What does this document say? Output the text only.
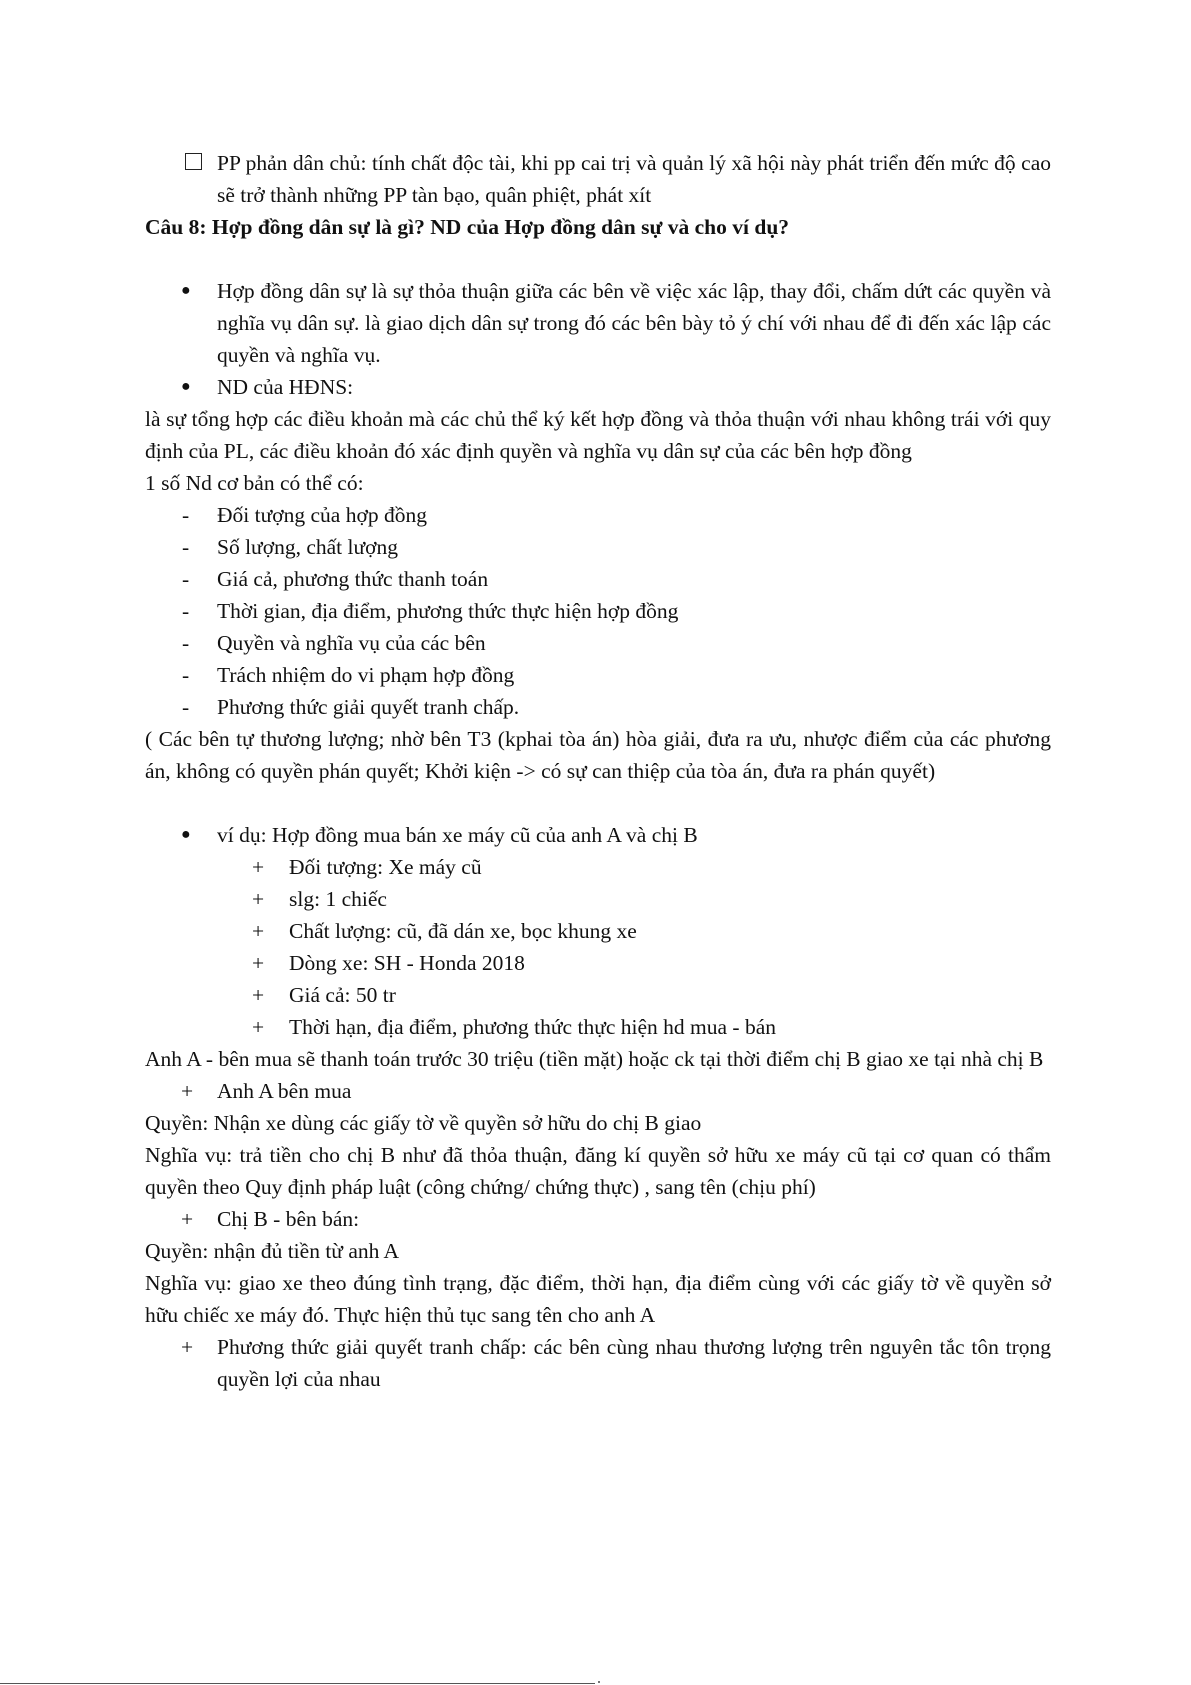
PP phản dân chủ: tính chất độc tài, khi pp cai trị và quản lý xã hội này phát triển đến mức độ cao sẽ trở thành những PP tàn bạo, quân phiệt, phát xít

Câu 8: Hợp đồng dân sự là gì? ND của Hợp đồng dân sự và cho ví dụ?

● Hợp đồng dân sự là sự thỏa thuận giữa các bên về việc xác lập, thay đổi, chấm dứt các quyền và nghĩa vụ dân sự. là giao dịch dân sự trong đó các bên bày tỏ ý chí với nhau để đi đến xác lập các quyền và nghĩa vụ.
● ND của HĐNS:

là sự tổng hợp các điều khoản mà các chủ thể ký kết hợp đồng và thỏa thuận với nhau không trái với quy định của PL, các điều khoản đó xác định quyền và nghĩa vụ dân sự của các bên hợp đồng

1 số Nd cơ bản có thể có:

- Đối tượng của hợp đồng
- Số lượng, chất lượng
- Giá cả, phương thức thanh toán
- Thời gian, địa điểm, phương thức thực hiện hợp đồng
- Quyền và nghĩa vụ của các bên
- Trách nhiệm do vi phạm hợp đồng
- Phương thức giải quyết tranh chấp.

( Các bên tự thương lượng; nhờ bên T3 (kphai tòa án) hòa giải, đưa ra ưu, nhược điểm của các phương án, không có quyền phán quyết; Khởi kiện -> có sự can thiệp của tòa án, đưa ra phán quyết)

● ví dụ: Hợp đồng mua bán xe máy cũ của anh A và chị B
+ Đối tượng: Xe máy cũ
+ slg: 1 chiếc
+ Chất lượng: cũ, đã dán xe, bọc khung xe
+ Dòng xe: SH - Honda 2018
+ Giá cả: 50 tr
+ Thời hạn, địa điểm, phương thức thực hiện hd mua - bán

Anh A - bên mua sẽ thanh toán trước 30 triệu (tiền mặt) hoặc ck tại thời điểm chị B giao xe tại nhà chị B

+ Anh A bên mua

Quyền: Nhận xe dùng các giấy tờ về quyền sở hữu do chị B giao

Nghĩa vụ: trả tiền cho chị B như đã thỏa thuận, đăng kí quyền sở hữu xe máy cũ tại cơ quan có thẩm quyền theo Quy định pháp luật (công chứng/ chứng thực) , sang tên (chịu phí)

+ Chị B - bên bán:

Quyền: nhận đủ tiền từ anh A

Nghĩa vụ: giao xe theo đúng tình trạng, đặc điểm, thời hạn, địa điểm cùng với các giấy tờ về quyền sở hữu chiếc xe máy đó. Thực hiện thủ tục sang tên cho anh A

+ Phương thức giải quyết tranh chấp: các bên cùng nhau thương lượng trên nguyên tắc tôn trọng quyền lợi của nhau
